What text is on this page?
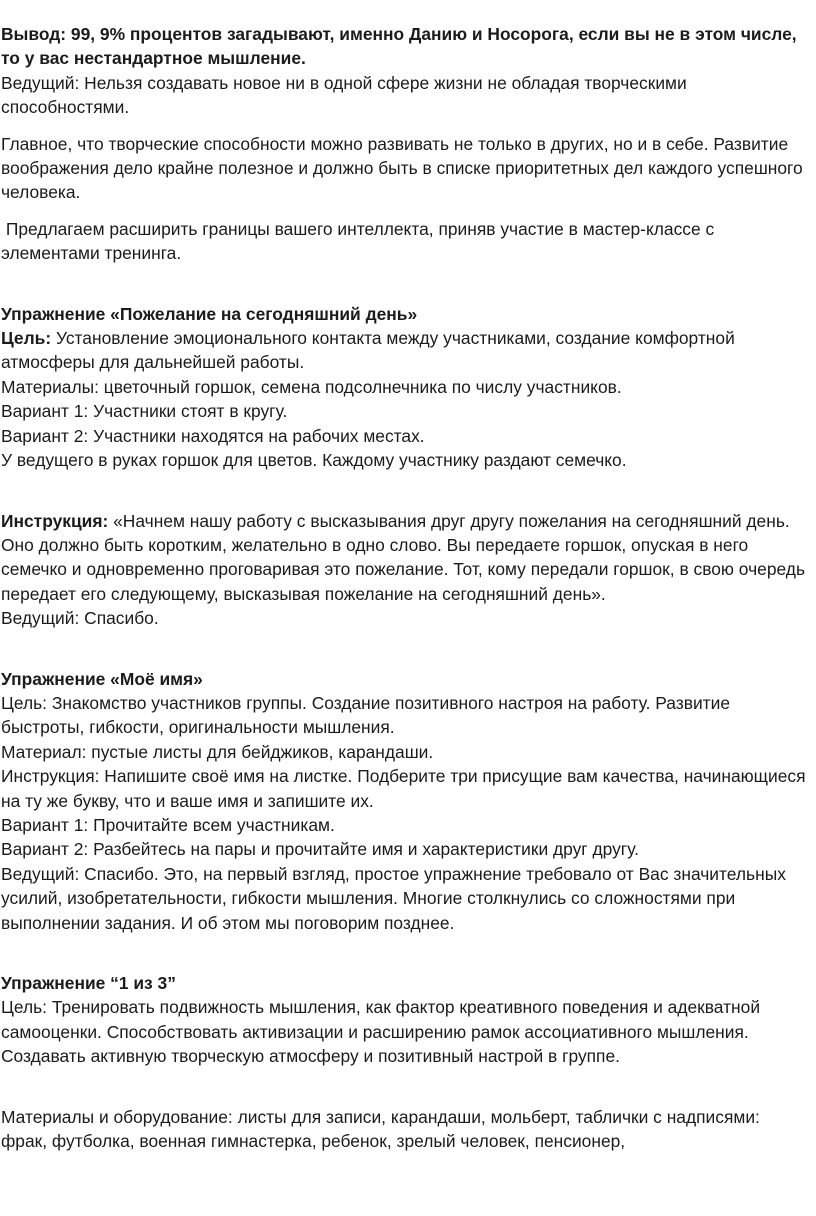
Вывод: 99, 9% процентов загадывают, именно Данию и Носорога, если вы не в этом числе, то у вас нестандартное мышление.

Ведущий: Нельзя создавать новое ни в одной сфере жизни не обладая творческими способностями.

Главное, что творческие способности можно развивать не только в других, но и в себе. Развитие воображения дело крайне полезное и должно быть в списке приоритетных дел каждого успешного человека.

Предлагаем расширить границы вашего интеллекта, приняв участие в мастер-классе с элементами тренинга.

Упражнение «Пожелание на сегодняшний день»

Цель: Установление эмоционального контакта между участниками, создание комфортной атмосферы для дальнейшей работы.

Материалы: цветочный горшок, семена подсолнечника по числу участников.

Вариант 1: Участники стоят в кругу.

Вариант 2: Участники находятся на рабочих местах.

У ведущего в руках горшок для цветов. Каждому участнику раздают семечко.

Инструкция: «Начнем нашу работу с высказывания друг другу пожелания на сегодняшний день. Оно должно быть коротким, желательно в одно слово. Вы передаете горшок, опуская в него семечко и одновременно проговаривая это пожелание. Тот, кому передали горшок, в свою очередь передает его следующему, высказывая пожелание на сегодняшний день».

Ведущий: Спасибо.

Упражнение «Моё имя»

Цель: Знакомство участников группы. Создание позитивного настроя на работу. Развитие быстроты, гибкости, оригинальности мышления.

Материал: пустые листы для бейджиков, карандаши.

Инструкция: Напишите своё имя на листке. Подберите три присущие вам качества, начинающиеся на ту же букву, что и ваше имя и запишите их.

Вариант 1: Прочитайте всем участникам.

Вариант 2: Разбейтесь на пары и прочитайте имя и характеристики друг другу.

Ведущий: Спасибо. Это, на первый взгляд, простое упражнение требовало от Вас значительных усилий, изобретательности, гибкости мышления. Многие столкнулись со сложностями при выполнении задания. И об этом мы поговорим позднее.

Упражнение “1 из 3”

Цель: Тренировать подвижность мышления, как фактор креативного поведения и адекватной самооценки. Способствовать активизации и расширению рамок ассоциативного мышления. Создавать активную творческую атмосферу и позитивный настрой в группе.

Материалы и оборудование: листы для записи, карандаши, мольберт, таблички с надписями: фрак, футболка, военная гимнастерка, ребенок, зрелый человек, пенсионер,
